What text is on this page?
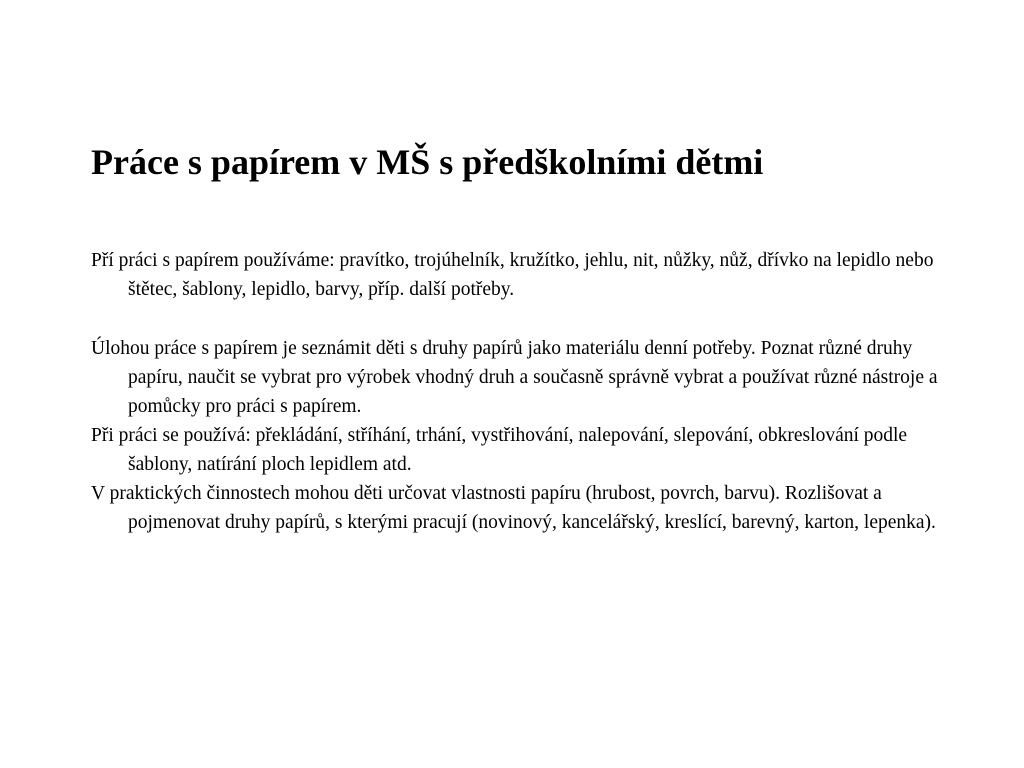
Práce s papírem v MŠ s předškolními dětmi

Pří práci s papírem používáme: pravítko, trojúhelník, kružítko, jehlu, nit, nůžky, nůž, dřívko na lepidlo nebo štětec, šablony, lepidlo, barvy, příp. další potřeby.

Úlohou práce s papírem je seznámit děti s druhy papírů jako materiálu denní potřeby. Poznat různé druhy papíru, naučit se vybrat pro výrobek vhodný druh a současně správně vybrat a používat různé nástroje a pomůcky pro práci s papírem.

Při práci se používá: překládání, stříhání, trhání, vystřihování, nalepování, slepování, obkreslování podle šablony, natírání ploch lepidlem atd.

V praktických činnostech mohou děti určovat vlastnosti papíru (hrubost, povrch, barvu). Rozlišovat a pojmenovat druhy papírů, s kterými pracují (novinový, kancelářský, kreslící, barevný, karton, lepenka).
